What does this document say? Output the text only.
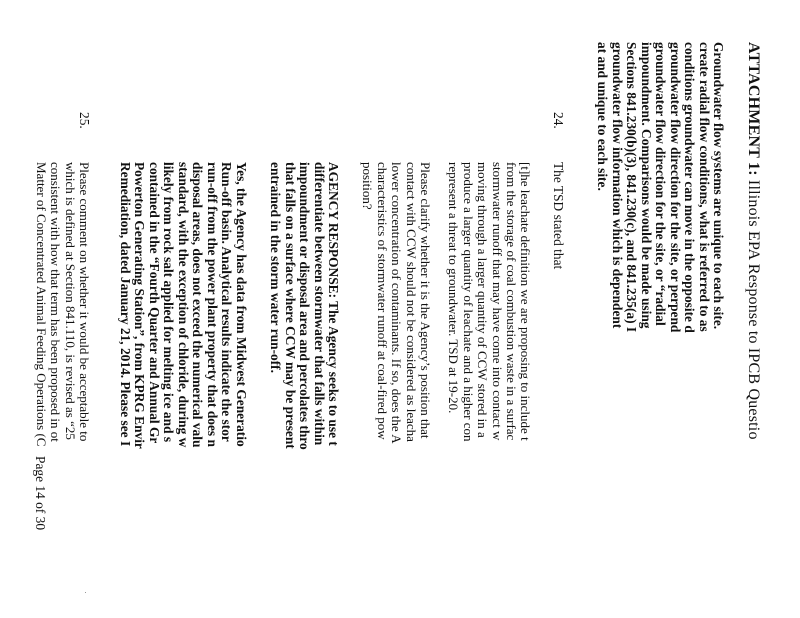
ATTACHMENT 1: Illinois EPA Response to IPCB Questio
Groundwater flow systems are unique to each site.
create radial flow conditions, what is referred to as
conditions groundwater can move in the opposite d
groundwater flow direction for the site, or perpend
groundwater flow direction for the site, or “radial
impoundment. Comparisons would be made using
Sections 841.230(b)(3), 841.230(c), and 841.235(a) I
groundwater flow information which is dependent
at and unique to each site.
24.
The TSD stated that
[t]he leachate definition we are proposing to include t
from the storage of coal combustion waste in a surfac
stormwater runoff that may have come into contact w
moving through a larger quantity of CCW stored in a
produce a larger quantity of leachate and a higher con
represent a threat to groundwater. TSD at 19-20.
Please clarify whether it is the Agency’s position that
contact with CCW should not be considered as leacha
lower concentration of contaminants. If so, does the A
characteristics of stormwater runoff at coal-fired pow
position?
AGENCY RESPONSE: The Agency seeks to use t
differentiate between stormwater that falls within
impoundment or disposal area and percolates thro
that falls on a surface where CCW may be present
entrained in the storm water run-off.
Yes, the Agency has data from Midwest Generatio
Run-off basin. Analytical results indicate the stor
run-off from the power plant property that does n
disposal areas, does not exceed the numerical valu
standard, with the exception of chloride, during w
likely from rock salt applied for melting ice and s
contained in the “Fourth Quarter and Annual Gr
Powerton Generating Station”, from KPRG Envir
Remediation, dated January 21, 2014. Please see I
25.
Please comment on whether it would be acceptable to
which is defined at Section 841.110, is revised as “25
consistent with how that term has been proposed in ot
Matter of Concentrated Animal Feeding Operations (C
Page 14 of 30
